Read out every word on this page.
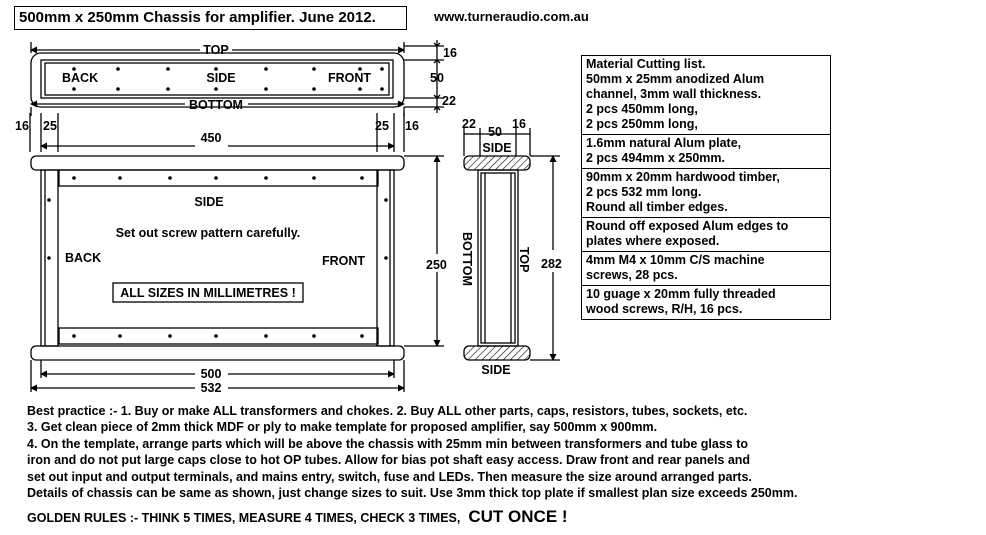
500mm x 250mm Chassis for amplifier. June 2012.	www.turneraudio.com.au
TOP
BOTTOM
BACK	SIDE	FRONT
16
50
22
16 25
450
25 16
SIDE
Set out screw pattern carefully.
BACK	FRONT
ALL SIZES IN MILLIMETRES !
250
500
532
22
50
16
SIDE
SIDE
BOTTOM	TOP 282
Material Cutting list.
50mm x 25mm anodized Alum
channel, 3mm wall thickness.
2 pcs 450mm long,
2 pcs 250mm long,
1.6mm natural Alum plate,
2 pcs 494mm x 250mm.
90mm x 20mm hardwood timber,
2 pcs 532 mm long.
Round all timber edges.
Round off exposed Alum edges to
plates where exposed.
4mm M4 x 10mm C/S machine
screws, 28 pcs.
10 guage x 20mm fully threaded
wood screws, R/H, 16 pcs.
Best practice :- 1. Buy or make ALL transformers and chokes. 2. Buy ALL other parts, caps, resistors, tubes, sockets, etc.
3. Get clean piece of 2mm thick MDF or ply to make template for proposed amplifier, say 500mm x 900mm.
4. On the template, arrange parts which will be above the chassis with 25mm min between transformers and tube glass to
iron and do not put large caps close to hot OP tubes. Allow for bias pot shaft easy access. Draw front and rear panels and
set out input and output terminals, and mains entry, switch, fuse and LEDs. Then measure the size around arranged parts.
Details of chassis can be same as shown, just change sizes to suit. Use 3mm thick top plate if smallest plan size exceeds 250mm.
GOLDEN RULES :- THINK 5 TIMES, MEASURE 4 TIMES, CHECK 3 TIMES, CUT ONCE !
